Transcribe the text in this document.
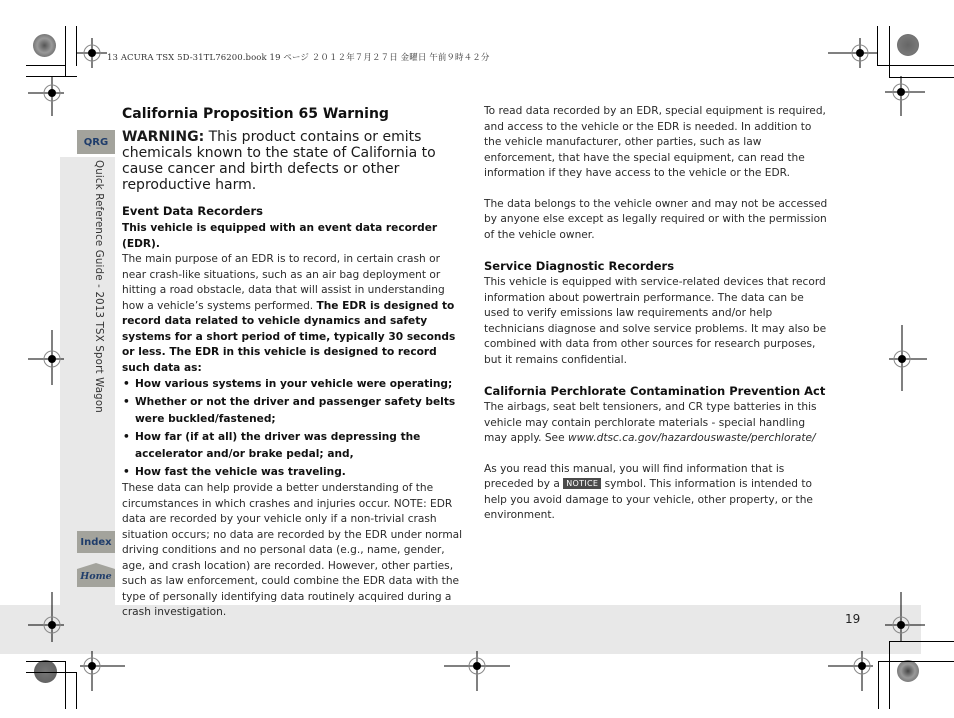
13 ACURA TSX 5D-31TL76200.book 19 ページ ２０１２年７月２７日 金曜日 午前９時４２分
19
QRG
Quick Reference Guide - 2013 TSX Sport Wagon
Index
Home
California Proposition 65 Warning
WARNING: This product contains or emits chemicals known to the state of California to cause cancer and birth defects or other reproductive harm.
Event Data Recorders

This vehicle is equipped with an event data recorder (EDR).

The main purpose of an EDR is to record, in certain crash or near crash-like situations, such as an air bag deployment or hitting a road obstacle, data that will assist in understanding how a vehicle’s systems performed. The EDR is designed to record data related to vehicle dynamics and safety systems for a short period of time, typically 30 seconds or less. The EDR in this vehicle is designed to record such data as:

• How various systems in your vehicle were operating;
• Whether or not the driver and passenger safety belts were buckled/fastened;
• How far (if at all) the driver was depressing the accelerator and/or brake pedal; and,
• How fast the vehicle was traveling.

These data can help provide a better understanding of the circumstances in which crashes and injuries occur. NOTE: EDR data are recorded by your vehicle only if a non-trivial crash situation occurs; no data are recorded by the EDR under normal driving conditions and no personal data (e.g., name, gender, age, and crash location) are recorded. However, other parties, such as law enforcement, could combine the EDR data with the type of personally identifying data routinely acquired during a crash investigation.

To read data recorded by an EDR, special equipment is required, and access to the vehicle or the EDR is needed. In addition to the vehicle manufacturer, other parties, such as law enforcement, that have the special equipment, can read the information if they have access to the vehicle or the EDR.

The data belongs to the vehicle owner and may not be accessed by anyone else except as legally required or with the permission of the vehicle owner.

Service Diagnostic Recorders

This vehicle is equipped with service-related devices that record information about powertrain performance. The data can be used to verify emissions law requirements and/or help technicians diagnose and solve service problems. It may also be combined with data from other sources for research purposes, but it remains confidential.

California Perchlorate Contamination Prevention Act

The airbags, seat belt tensioners, and CR type batteries in this vehicle may contain perchlorate materials - special handling may apply. See www.dtsc.ca.gov/hazardouswaste/perchlorate/

As you read this manual, you will find information that is preceded by a NOTICE symbol. This information is intended to help you avoid damage to your vehicle, other property, or the environment.
